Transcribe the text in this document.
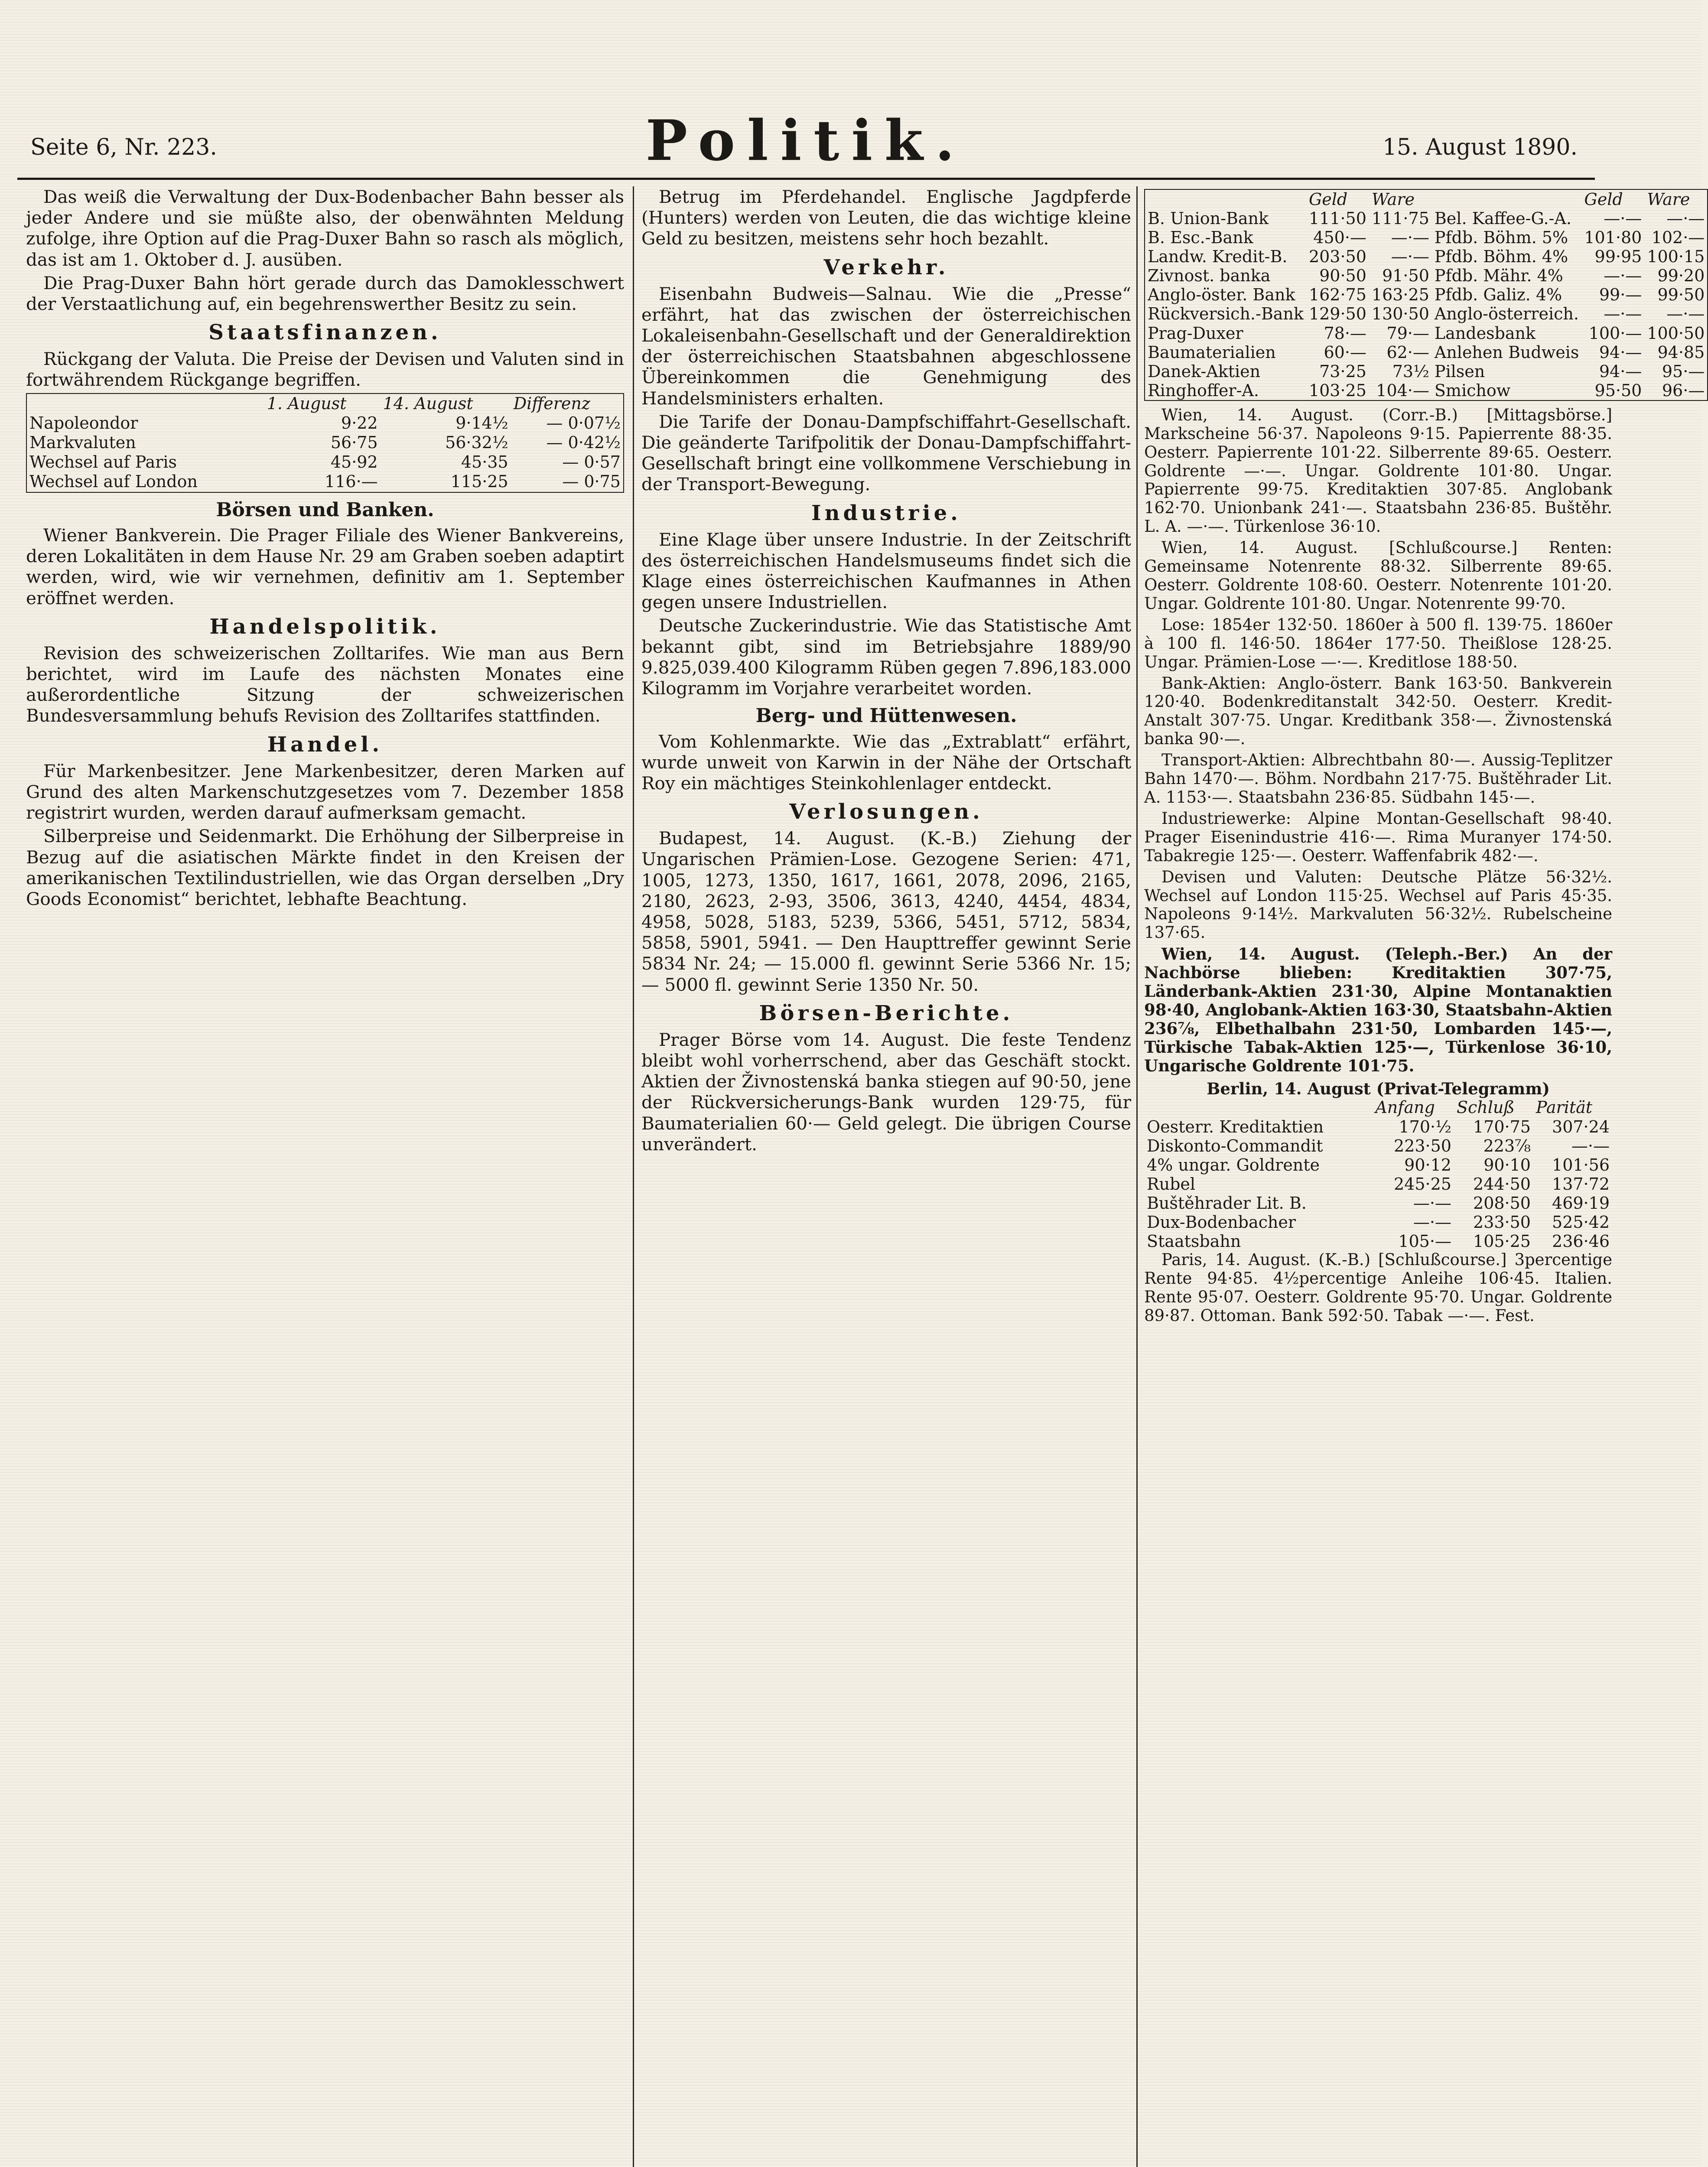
Seite 6, Nr. 223.	Politik.	15. August 1890.

Das weiß die Verwaltung der Dux-Bodenbacher Bahn besser als jeder Andere und sie müßte also, der obenwähnten Meldung zufolge, ihre Option auf die Prag-Duxer Bahn so rasch als möglich, das ist am 1. Oktober d. J. ausüben.

Die Prag-Duxer Bahn hört gerade durch das Damoklesschwert der Verstaatlichung auf, ein begehrenswerther Besitz zu sein.

Staatsfinanzen.

Rückgang der Valuta. Die Preise der Devisen und Valuten sind in fortwährendem Rückgange begriffen.

	1. August	14. August	Differenz
Napoleondor	9·22	9·14½	— 0·07½
Markvaluten	56·75	56·32½	— 0·42½
Wechsel auf Paris	45·92	45·35	— 0·57
Wechsel auf London	116·—	115·25	— 0·75
Börsen und Banken.

Wiener Bankverein. Die Prager Filiale des Wiener Bankvereins, deren Lokalitäten in dem Hause Nr. 29 am Graben soeben adaptirt werden, wird, wie wir vernehmen, definitiv am 1. September eröffnet werden.

Handelspolitik.

Revision des schweizerischen Zolltarifes. Wie man aus Bern berichtet, wird im Laufe des nächsten Monates eine außerordentliche Sitzung der schweizerischen Bundesversammlung behufs Revision des Zolltarifes stattfinden.

Handel.

Für Markenbesitzer. Jene Markenbesitzer, deren Marken auf Grund des alten Markenschutzgesetzes vom 7. Dezember 1858 registrirt wurden, werden darauf aufmerksam gemacht.

Silberpreise und Seidenmarkt. Die Erhöhung der Silberpreise in Bezug auf die asiatischen Märkte findet in den Kreisen der amerikanischen Textilindustriellen, wie das Organ derselben „Dry Goods Economist“ berichtet, lebhafte Beachtung.

Betrug im Pferdehandel. Englische Jagdpferde (Hunters) werden von Leuten, die das wichtige kleine Geld zu besitzen, meistens sehr hoch bezahlt.

Verkehr.

Eisenbahn Budweis—Salnau. Wie die „Presse“ erfährt, hat das zwischen der österreichischen Lokaleisenbahn-Gesellschaft und der Generaldirektion der österreichischen Staatsbahnen abgeschlossene Übereinkommen die Genehmigung des Handelsministers erhalten.

Die Tarife der Donau-Dampfschiffahrt-Gesellschaft. Die geänderte Tarifpolitik der Donau-Dampfschiffahrt-Gesellschaft bringt eine vollkommene Verschiebung in der Transport-Bewegung.

Industrie.

Eine Klage über unsere Industrie. In der Zeitschrift des österreichischen Handelsmuseums findet sich die Klage eines österreichischen Kaufmannes in Athen gegen unsere Industriellen.

Deutsche Zuckerindustrie. Wie das Statistische Amt bekannt gibt, sind im Betriebsjahre 1889/90 9.825,039.400 Kilogramm Rüben gegen 7.896,183.000 Kilogramm im Vorjahre verarbeitet worden.

Berg- und Hüttenwesen.

Vom Kohlenmarkte. Wie das „Extrablatt“ erfährt, wurde unweit von Karwin in der Nähe der Ortschaft Roy ein mächtiges Steinkohlenlager entdeckt.

Verlosungen.

Budapest, 14. August. (K.-B.) Ziehung der Ungarischen Prämien-Lose. Gezogene Serien: 471, 1005, 1273, 1350, 1617, 1661, 2078, 2096, 2165, 2180, 2623, 2-93, 3506, 3613, 4240, 4454, 4834, 4958, 5028, 5183, 5239, 5366, 5451, 5712, 5834, 5858, 5901, 5941. — Den Haupttreffer gewinnt Serie 5834 Nr. 24; — 15.000 fl. gewinnt Serie 5366 Nr. 15; — 5000 fl. gewinnt Serie 1350 Nr. 50.

Börsen-Berichte.

Prager Börse vom 14. August. Die feste Tendenz bleibt wohl vorherrschend, aber das Geschäft stockt. Aktien der Živnostenská banka stiegen auf 90·50, jene der Rückversicherungs-Bank wurden 129·75, für Baumaterialien 60·— Geld gelegt. Die übrigen Course unverändert.

	Geld	Ware		Geld	Ware
B. Union-Bank	111·50	111·75	Bel. Kaffee-G.-A.	—·—	—·—
B. Esc.-Bank	450·—	—·—	Pfdb. Böhm. 5%	101·80	102·—
Landw. Kredit-B.	203·50	—·—	Pfdb. Böhm. 4%	99·95	100·15
Zivnost. banka	90·50	91·50	Pfdb. Mähr. 4%	—·—	99·20
Anglo-öster. Bank	162·75	163·25	Pfdb. Galiz. 4%	99·—	99·50
Rückversich.-Bank	129·50	130·50	Anglo-österreich.	—·—	—·—
Prag-Duxer	78·—	79·—	Landesbank	100·—	100·50
Baumaterialien	60·—	62·—	Anlehen Budweis	94·—	94·85
Danek-Aktien	73·25	73½	Pilsen	94·—	95·—
Ringhoffer-A.	103·25	104·—	Smichow	95·50	96·—

Wien, 14. August. (Corr.-B.) [Mittagsbörse.] Markscheine 56·37. Napoleons 9·15. Papierrente 88·35. Oesterr. Papierrente 101·22. Silberrente 89·65. Oesterr. Goldrente —·—. Ungar. Goldrente 101·80. Ungar. Papierrente 99·75. Kreditaktien 307·85. Anglobank 162·70. Unionbank 241·—. Staatsbahn 236·85. Buštěhr. L. A. —·—. Türkenlose 36·10.

Wien, 14. August. [Schlußcourse.] Renten: Gemeinsame Notenrente 88·32. Silberrente 89·65. Oesterr. Goldrente 108·60. Oesterr. Notenrente 101·20. Ungar. Goldrente 101·80. Ungar. Notenrente 99·70.

Lose: 1854er 132·50. 1860er à 500 fl. 139·75. 1860er à 100 fl. 146·50. 1864er 177·50. Theißlose 128·25. Ungar. Prämien-Lose —·—. Kreditlose 188·50.

Bank-Aktien: Anglo-österr. Bank 163·50. Bankverein 120·40. Bodenkreditanstalt 342·50. Oesterr. Kredit-Anstalt 307·75. Ungar. Kreditbank 358·—. Živnostenská banka 90·—.

Transport-Aktien: Albrechtbahn 80·—. Aussig-Teplitzer Bahn 1470·—. Böhm. Nordbahn 217·75. Buštěhrader Lit. A. 1153·—. Staatsbahn 236·85. Südbahn 145·—.

Industriewerke: Alpine Montan-Gesellschaft 98·40. Prager Eisenindustrie 416·—. Rima Muranyer 174·50. Tabakregie 125·—. Oesterr. Waffenfabrik 482·—.

Devisen und Valuten: Deutsche Plätze 56·32½. Wechsel auf London 115·25. Wechsel auf Paris 45·35. Napoleons 9·14½. Markvaluten 56·32½. Rubelscheine 137·65.

Wien, 14. August. (Teleph.-Ber.) An der Nachbörse blieben: Kreditaktien 307·75, Länderbank-Aktien 231·30, Alpine Montanaktien 98·40, Anglobank-Aktien 163·30, Staatsbahn-Aktien 236⅞, Elbethalbahn 231·50, Lombarden 145·—, Türkische Tabak-Aktien 125·—, Türkenlose 36·10, Ungarische Goldrente 101·75.

Berlin, 14. August (Privat-Telegramm)
	Anfang	Schluß	Parität
Oesterr. Kreditaktien	170·½	170·75	307·24
Diskonto-Commandit	223·50	223⅞	—·—
4% ungar. Goldrente	90·12	90·10	101·56
Rubel	245·25	244·50	137·72
Buštěhrader Lit. B.	—·—	208·50	469·19
Dux-Bodenbacher	—·—	233·50	525·42
Staatsbahn	105·—	105·25	236·46

Paris, 14. August. (K.-B.) [Schlußcourse.] 3percentige Rente 94·85. 4½percentige Anleihe 106·45. Italien. Rente 95·07. Oesterr. Goldrente 95·70. Ungar. Goldrente 89·87. Ottoman. Bank 592·50. Tabak —·—. Fest.
